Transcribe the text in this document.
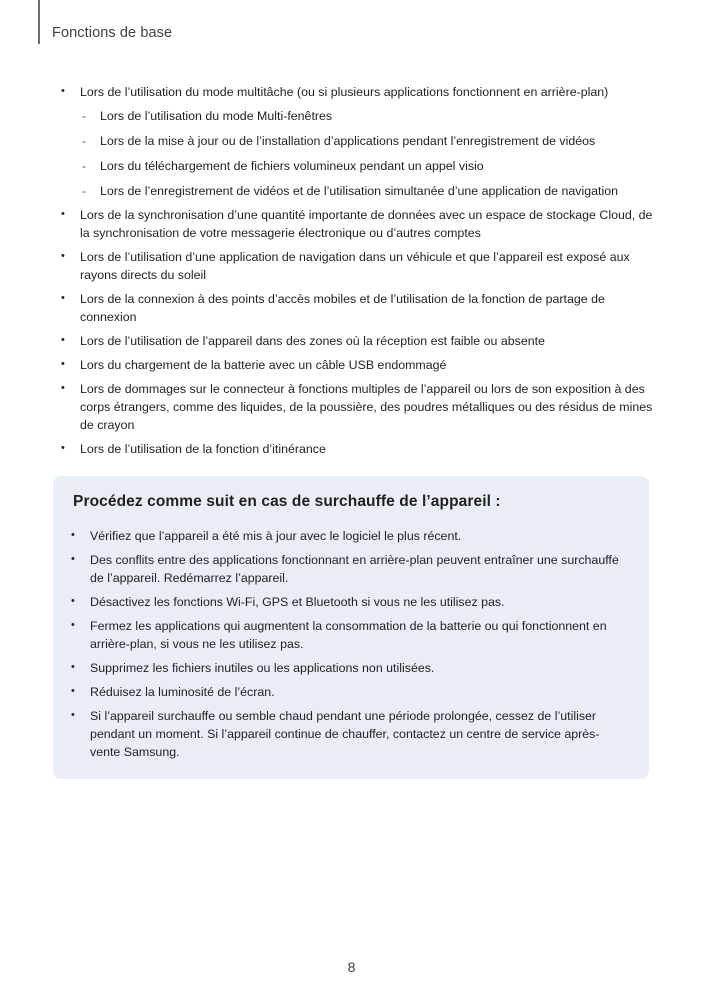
Fonctions de base
• Lors de l’utilisation du mode multitâche (ou si plusieurs applications fonctionnent en arrière-plan)
- Lors de l’utilisation du mode Multi-fenêtres
- Lors de la mise à jour ou de l’installation d’applications pendant l’enregistrement de vidéos
- Lors du téléchargement de fichiers volumineux pendant un appel visio
- Lors de l’enregistrement de vidéos et de l’utilisation simultanée d’une application de navigation
• Lors de la synchronisation d’une quantité importante de données avec un espace de stockage Cloud, de la synchronisation de votre messagerie électronique ou d’autres comptes
• Lors de l’utilisation d’une application de navigation dans un véhicule et que l’appareil est exposé aux rayons directs du soleil
• Lors de la connexion à des points d’accès mobiles et de l’utilisation de la fonction de partage de connexion
• Lors de l’utilisation de l’appareil dans des zones où la réception est faible ou absente
• Lors du chargement de la batterie avec un câble USB endommagé
• Lors de dommages sur le connecteur à fonctions multiples de l’appareil ou lors de son exposition à des corps étrangers, comme des liquides, de la poussière, des poudres métalliques ou des résidus de mines de crayon
• Lors de l’utilisation de la fonction d’itinérance
Procédez comme suit en cas de surchauffe de l’appareil :
• Vérifiez que l’appareil a été mis à jour avec le logiciel le plus récent.
• Des conflits entre des applications fonctionnant en arrière-plan peuvent entraîner une surchauffe de l’appareil. Redémarrez l’appareil.
• Désactivez les fonctions Wi-Fi, GPS et Bluetooth si vous ne les utilisez pas.
• Fermez les applications qui augmentent la consommation de la batterie ou qui fonctionnent en arrière-plan, si vous ne les utilisez pas.
• Supprimez les fichiers inutiles ou les applications non utilisées.
• Réduisez la luminosité de l’écran.
• Si l’appareil surchauffe ou semble chaud pendant une période prolongée, cessez de l’utiliser pendant un moment. Si l’appareil continue de chauffer, contactez un centre de service après-vente Samsung.
8
